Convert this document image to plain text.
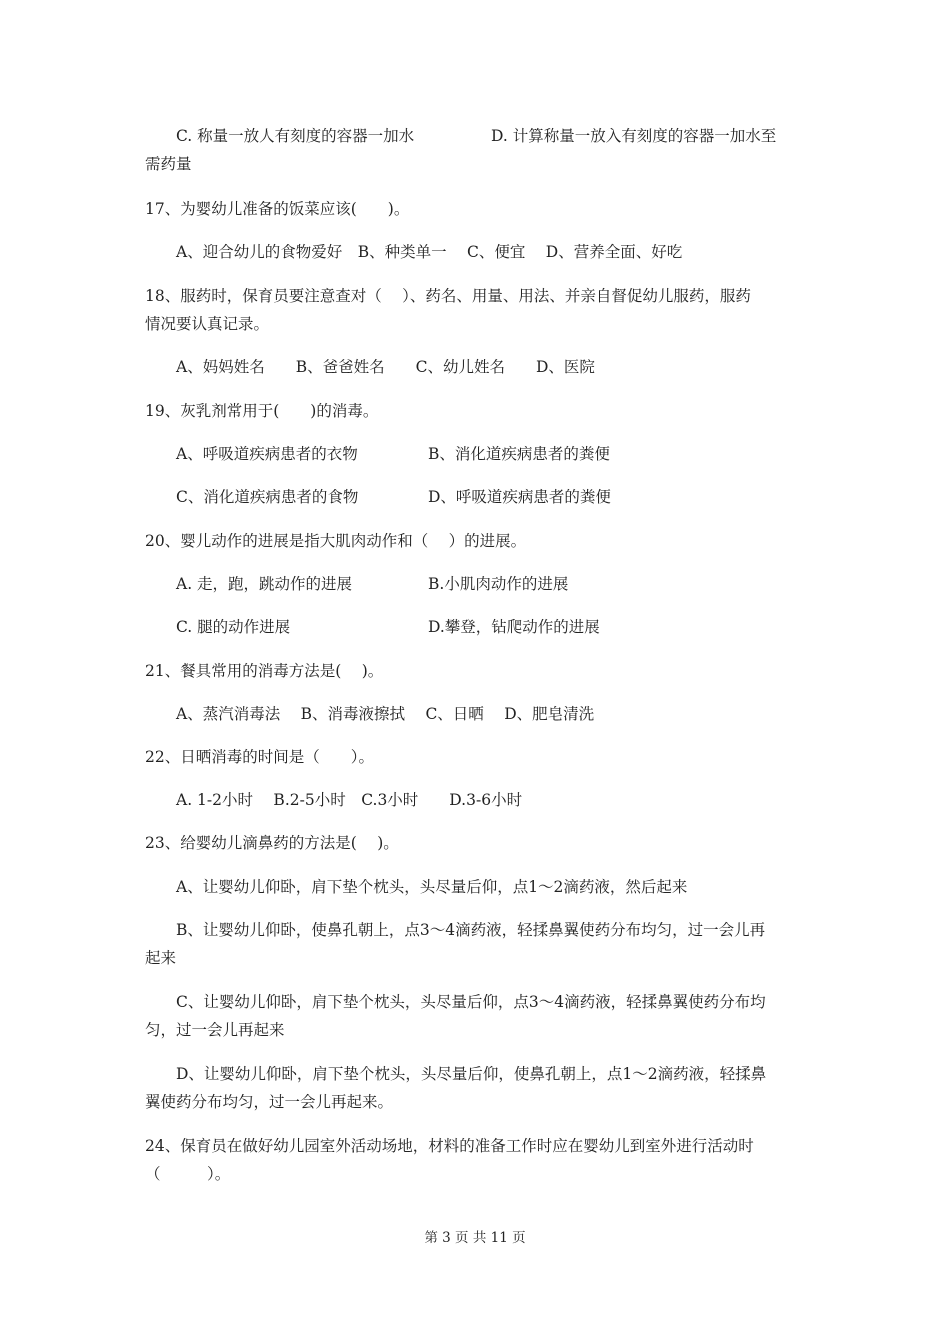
C. 称量一放人有刻度的容器一加水	D. 计算称量一放入有刻度的容器一加水至
需药量
17、为婴幼儿准备的饭菜应该(　　)。
A、迎合幼儿的食物爱好　B、种类单一　 C、便宜　 D、营养全面、好吃
18、服药时，保育员要注意查对（　 ）、药名、用量、用法、并亲自督促幼儿服药，服药
情况要认真记录。
A、妈妈姓名　　B、爸爸姓名　　C、幼儿姓名　　D、医院
19、灰乳剂常用于(　　)的消毒。
A、呼吸道疾病患者的衣物	B、消化道疾病患者的粪便
C、消化道疾病患者的食物	D、呼吸道疾病患者的粪便
20、婴儿动作的进展是指大肌肉动作和（　 ）的进展。
A. 走，跑，跳动作的进展	B.小肌肉动作的进展
C. 腿的动作进展	D.攀登，钻爬动作的进展
21、餐具常用的消毒方法是(　 )。
A、蒸汽消毒法　 B、消毒液擦拭　 C、日晒　 D、肥皂清洗
22、日晒消毒的时间是（　　）。
A. 1-2小时　 B.2-5小时　C.3小时　　D.3-6小时
23、给婴幼儿滴鼻药的方法是(　 )。
A、让婴幼儿仰卧，肩下垫个枕头，头尽量后仰，点1～2滴药液，然后起来
B、让婴幼儿仰卧，使鼻孔朝上，点3～4滴药液，轻揉鼻翼使药分布均匀，过一会儿再
起来
C、让婴幼儿仰卧，肩下垫个枕头，头尽量后仰，点3～4滴药液，轻揉鼻翼使药分布均
匀，过一会儿再起来
D、让婴幼儿仰卧，肩下垫个枕头，头尽量后仰，使鼻孔朝上，点1～2滴药液，轻揉鼻
翼使药分布均匀，过一会儿再起来。
24、保育员在做好幼儿园室外活动场地，材料的准备工作时应在婴幼儿到室外进行活动时
（　　　）。
第 3 页 共 11 页
